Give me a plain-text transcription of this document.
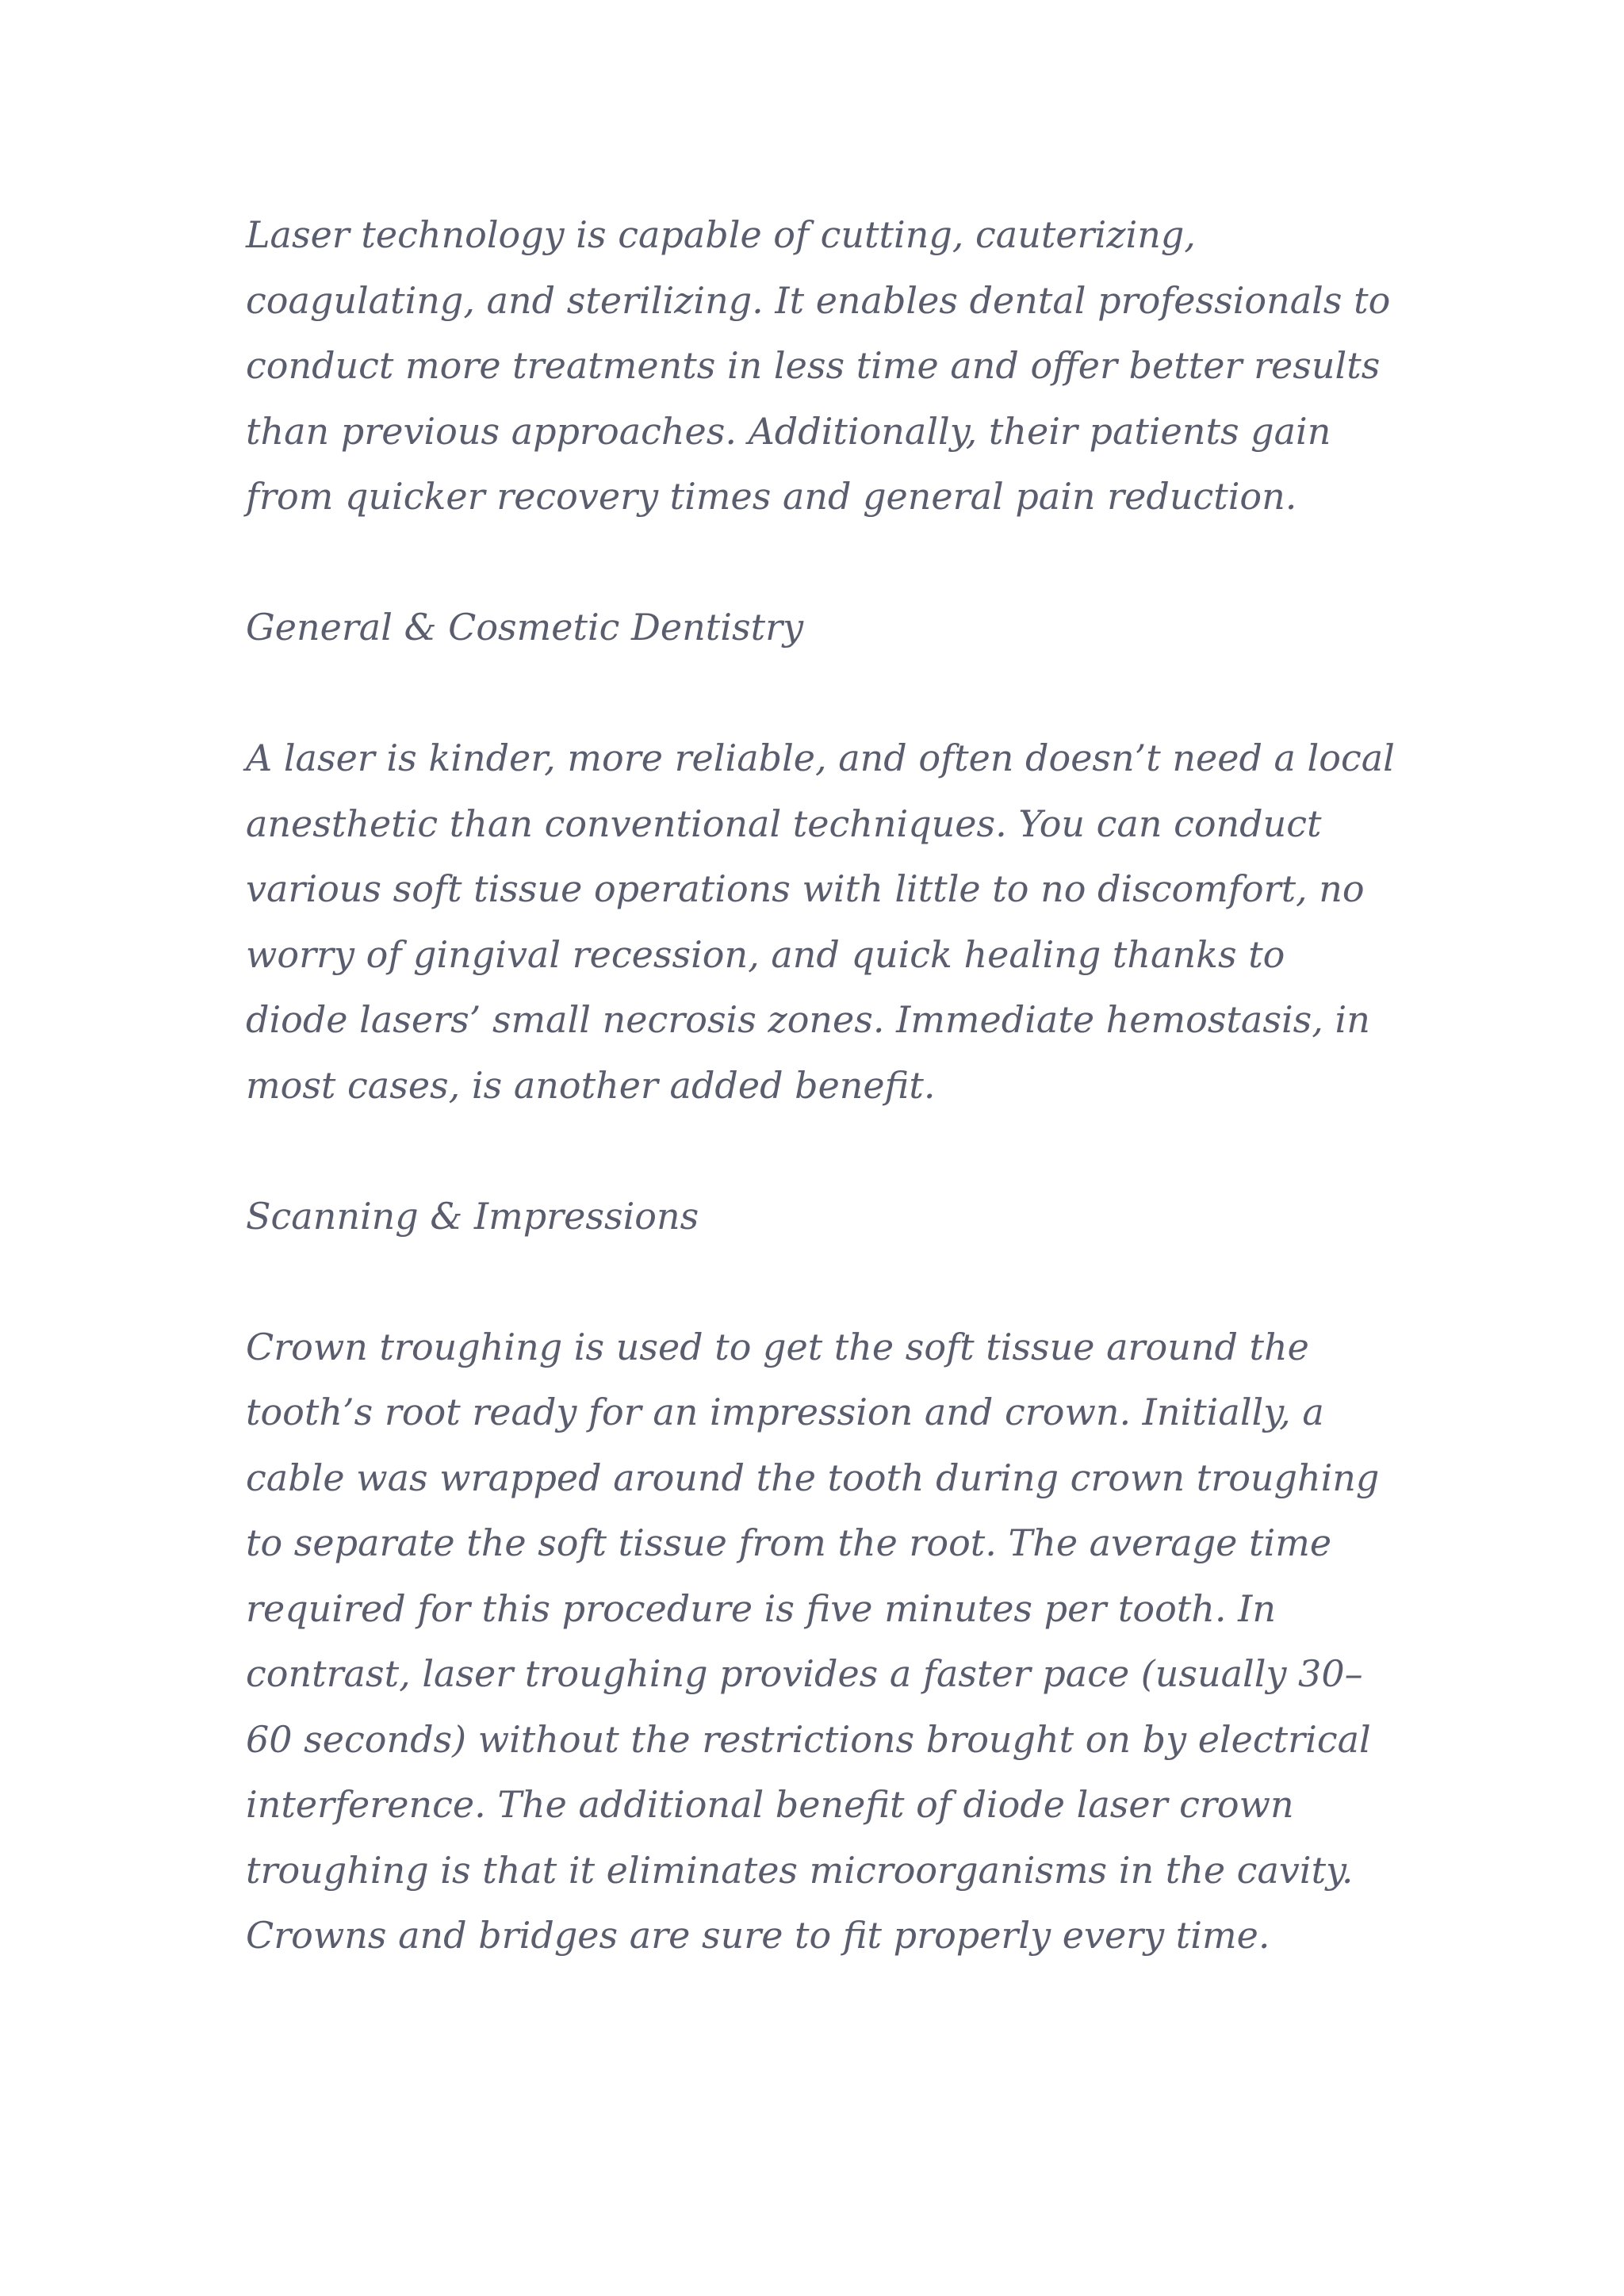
Laser technology is capable of cutting, cauterizing, coagulating, and sterilizing. It enables dental professionals to conduct more treatments in less time and offer better results than previous approaches. Additionally, their patients gain from quicker recovery times and general pain reduction.

General & Cosmetic Dentistry

A laser is kinder, more reliable, and often doesn’t need a local anesthetic than conventional techniques. You can conduct various soft tissue operations with little to no discomfort, no worry of gingival recession, and quick healing thanks to diode lasers’ small necrosis zones. Immediate hemostasis, in most cases, is another added benefit.

Scanning & Impressions

Crown troughing is used to get the soft tissue around the tooth’s root ready for an impression and crown. Initially, a cable was wrapped around the tooth during crown troughing to separate the soft tissue from the root. The average time required for this procedure is five minutes per tooth. In contrast, laser troughing provides a faster pace (usually 30–60 seconds) without the restrictions brought on by electrical interference. The additional benefit of diode laser crown troughing is that it eliminates microorganisms in the cavity. Crowns and bridges are sure to fit properly every time.
